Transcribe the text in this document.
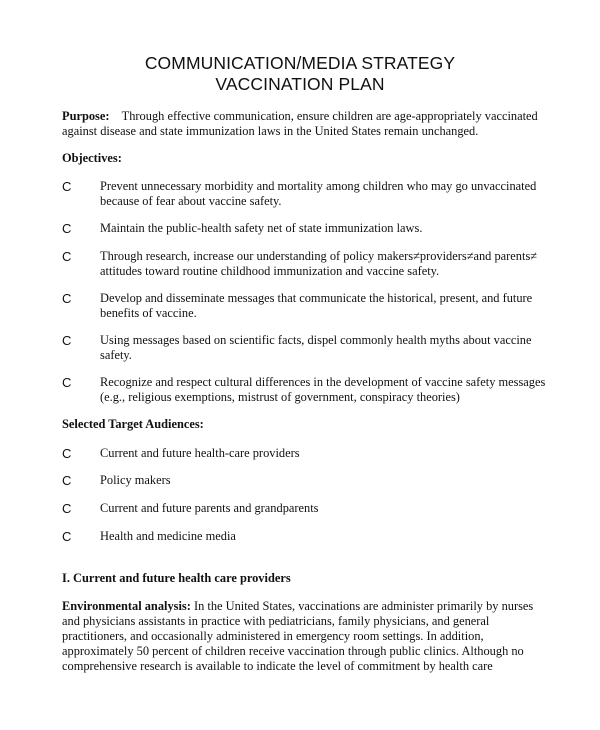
COMMUNICATION/MEDIA STRATEGY
VACCINATION PLAN
Purpose: Through effective communication, ensure children are age-appropriately vaccinated against disease and state immunization laws in the United States remain unchanged.
Objectives:
C	Prevent unnecessary morbidity and mortality among children who may go unvaccinated
because of fear about vaccine safety.
C	Maintain the public-health safety net of state immunization laws.
C	Through research, increase our understanding of policy makers≠providers≠and parents≠
attitudes toward routine childhood immunization and vaccine safety.
C	Develop and disseminate messages that communicate the historical, present, and future
benefits of vaccine.
C	Using messages based on scientific facts, dispel commonly health myths about vaccine
safety.
C	Recognize and respect cultural differences in the development of vaccine safety messages
(e.g., religious exemptions, mistrust of government, conspiracy theories)
Selected Target Audiences:
C	Current and future health-care providers
C	Policy makers
C	Current and future parents and grandparents
C	Health and medicine media
I. Current and future health care providers
Environmental analysis: In the United States, vaccinations are administer primarily by nurses
and physicians assistants in practice with pediatricians, family physicians, and general
practitioners, and occasionally administered in emergency room settings. In addition,
approximately 50 percent of children receive vaccination through public clinics. Although no
comprehensive research is available to indicate the level of commitment by health care
